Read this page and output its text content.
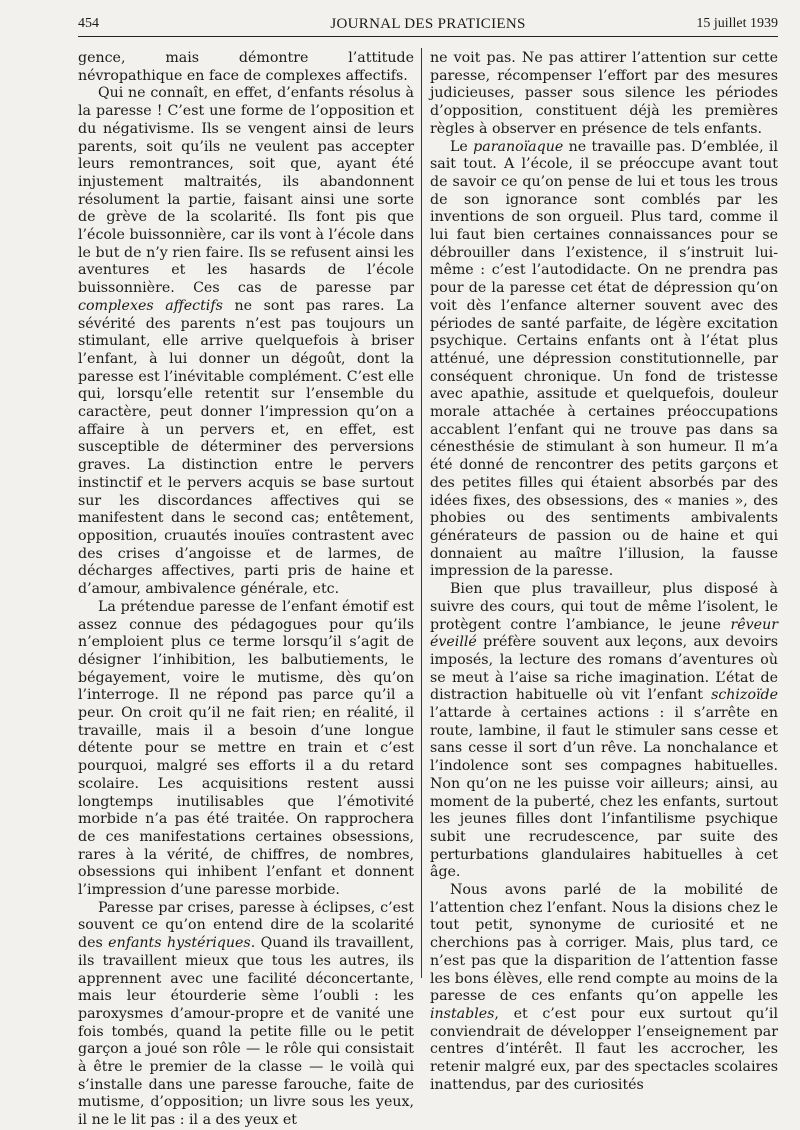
454	JOURNAL DES PRATICIENS	15 juillet 1939

gence, mais démontre l’attitude névropathique en face de complexes affectifs.

Qui ne connaît, en effet, d’enfants résolus à la paresse ! C’est une forme de l’opposition et du négativisme. Ils se vengent ainsi de leurs parents, soit qu’ils ne veulent pas accepter leurs remontrances, soit que, ayant été injustement maltraités, ils abandonnent résolument la partie, faisant ainsi une sorte de grève de la scolarité. Ils font pis que l’école buissonnière, car ils vont à l’école dans le but de n’y rien faire. Ils se refusent ainsi les aventures et les hasards de l’école buissonnière. Ces cas de paresse par complexes affectifs ne sont pas rares. La sévérité des parents n’est pas toujours un stimulant, elle arrive quelquefois à briser l’enfant, à lui donner un dégoût, dont la paresse est l’inévitable complément. C’est elle qui, lorsqu’elle retentit sur l’ensemble du caractère, peut donner l’impression qu’on a affaire à un pervers et, en effet, est susceptible de déterminer des perversions graves. La distinction entre le pervers instinctif et le pervers acquis se base surtout sur les discordances affectives qui se manifestent dans le second cas; entêtement, opposition, cruautés inouïes contrastent avec des crises d’angoisse et de larmes, de décharges affectives, parti pris de haine et d’amour, ambivalence générale, etc.

La prétendue paresse de l’enfant émotif est assez connue des pédagogues pour qu’ils n’emploient plus ce terme lorsqu’il s’agit de désigner l’inhibition, les balbutiements, le bégayement, voire le mutisme, dès qu’on l’interroge. Il ne répond pas parce qu’il a peur. On croit qu’il ne fait rien; en réalité, il travaille, mais il a besoin d’une longue détente pour se mettre en train et c’est pourquoi, malgré ses efforts il a du retard scolaire. Les acquisitions restent aussi longtemps inutilisables que l’émotivité morbide n’a pas été traitée. On rapprochera de ces manifestations certaines obsessions, rares à la vérité, de chiffres, de nombres, obsessions qui inhibent l’enfant et donnent l’impression d’une paresse morbide.

Paresse par crises, paresse à éclipses, c’est souvent ce qu’on entend dire de la scolarité des enfants hystériques. Quand ils travaillent, ils travaillent mieux que tous les autres, ils apprennent avec une facilité déconcertante, mais leur étourderie sème l’oubli : les paroxysmes d’amour-propre et de vanité une fois tombés, quand la petite fille ou le petit garçon a joué son rôle — le rôle qui consistait à être le premier de la classe — le voilà qui s’installe dans une paresse farouche, faite de mutisme, d’opposition; un livre sous les yeux, il ne le lit pas : il a des yeux et

ne voit pas. Ne pas attirer l’attention sur cette paresse, récompenser l’effort par des mesures judicieuses, passer sous silence les périodes d’opposition, constituent déjà les premières règles à observer en présence de tels enfants.

Le paranoïaque ne travaille pas. D’emblée, il sait tout. A l’école, il se préoccupe avant tout de savoir ce qu’on pense de lui et tous les trous de son ignorance sont comblés par les inventions de son orgueil. Plus tard, comme il lui faut bien certaines connaissances pour se débrouiller dans l’existence, il s’instruit lui-même : c’est l’autodidacte. On ne prendra pas pour de la paresse cet état de dépression qu’on voit dès l’enfance alterner souvent avec des périodes de santé parfaite, de légère excitation psychique. Certains enfants ont à l’état plus atténué, une dépression constitutionnelle, par conséquent chronique. Un fond de tristesse avec apathie, assitude et quelquefois, douleur morale attachée à certaines préoccupations accablent l’enfant qui ne trouve pas dans sa cénesthésie de stimulant à son humeur. Il m’a été donné de rencontrer des petits garçons et des petites filles qui étaient absorbés par des idées fixes, des obsessions, des « manies », des phobies ou des sentiments ambivalents générateurs de passion ou de haine et qui donnaient au maître l’illusion, la fausse impression de la paresse.

Bien que plus travailleur, plus disposé à suivre des cours, qui tout de même l’isolent, le protègent contre l’ambiance, le jeune rêveur éveillé préfère souvent aux leçons, aux devoirs imposés, la lecture des romans d’aventures où se meut à l’aise sa riche imagination. L’état de distraction habituelle où vit l’enfant schizoïde l’attarde à certaines actions : il s’arrête en route, lambine, il faut le stimuler sans cesse et sans cesse il sort d’un rêve. La nonchalance et l’indolence sont ses compagnes habituelles. Non qu’on ne les puisse voir ailleurs; ainsi, au moment de la puberté, chez les enfants, surtout les jeunes filles dont l’infantilisme psychique subit une recrudescence, par suite des perturbations glandulaires habituelles à cet âge.

Nous avons parlé de la mobilité de l’attention chez l’enfant. Nous la disions chez le tout petit, synonyme de curiosité et ne cherchions pas à corriger. Mais, plus tard, ce n’est pas que la disparition de l’attention fasse les bons élèves, elle rend compte au moins de la paresse de ces enfants qu’on appelle les instables, et c’est pour eux surtout qu’il conviendrait de développer l’enseignement par centres d’intérêt. Il faut les accrocher, les retenir malgré eux, par des spectacles scolaires inattendus, par des curiosités
